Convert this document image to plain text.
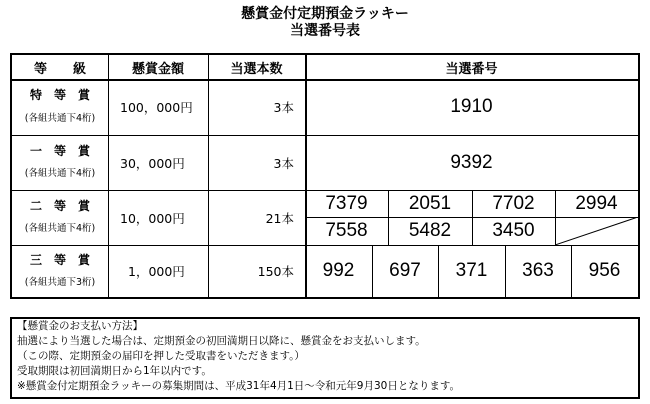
懸賞金付定期預金ラッキー
当選番号表
等　　級	懸賞金額	当選本数	当選番号
特　等　賞
(各組共通下4桁)
100，000円	3本	1910
一　等　賞
(各組共通下4桁)
30，000円	3本	9392
二　等　賞
(各組共通下4桁)
10，000円	21本
7379	2051	7702	2994
7558	5482	3450
三　等　賞
(各組共通下3桁)
1，000円	150本	992	697	371	363	956
【懸賞金のお支払い方法】
抽選により当選した場合は、定期預金の初回満期日以降に、懸賞金をお支払いします。
（この際、定期預金の届印を押した受取書をいただきます。）
受取期限は初回満期日から1年以内です。
※懸賞金付定期預金ラッキーの募集期間は、平成31年4月1日～令和元年9月30日となります。
